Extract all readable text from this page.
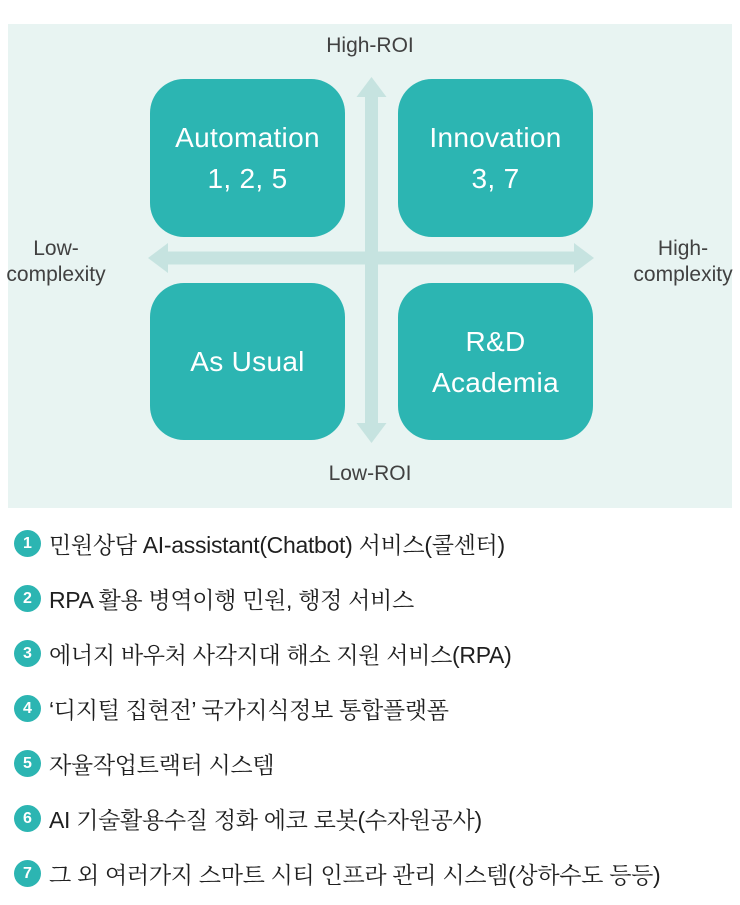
High-ROI
Low-
complexity
High-
complexity
Low-ROI
Automation
1, 2, 5
Innovation
3, 7
As Usual
R&D
Academia
1 민원상담 AI-assistant(Chatbot) 서비스(콜센터)
2 RPA 활용 병역이행 민원, 행정 서비스
3 에너지 바우처 사각지대 해소 지원 서비스(RPA)
4 ‘디지털 집현전’ 국가지식정보 통합플랫폼
5 자율작업트랙터 시스템
6 AI 기술활용수질 정화 에코 로봇(수자원공사)
7 그 외 여러가지 스마트 시티 인프라 관리 시스템(상하수도 등등)
